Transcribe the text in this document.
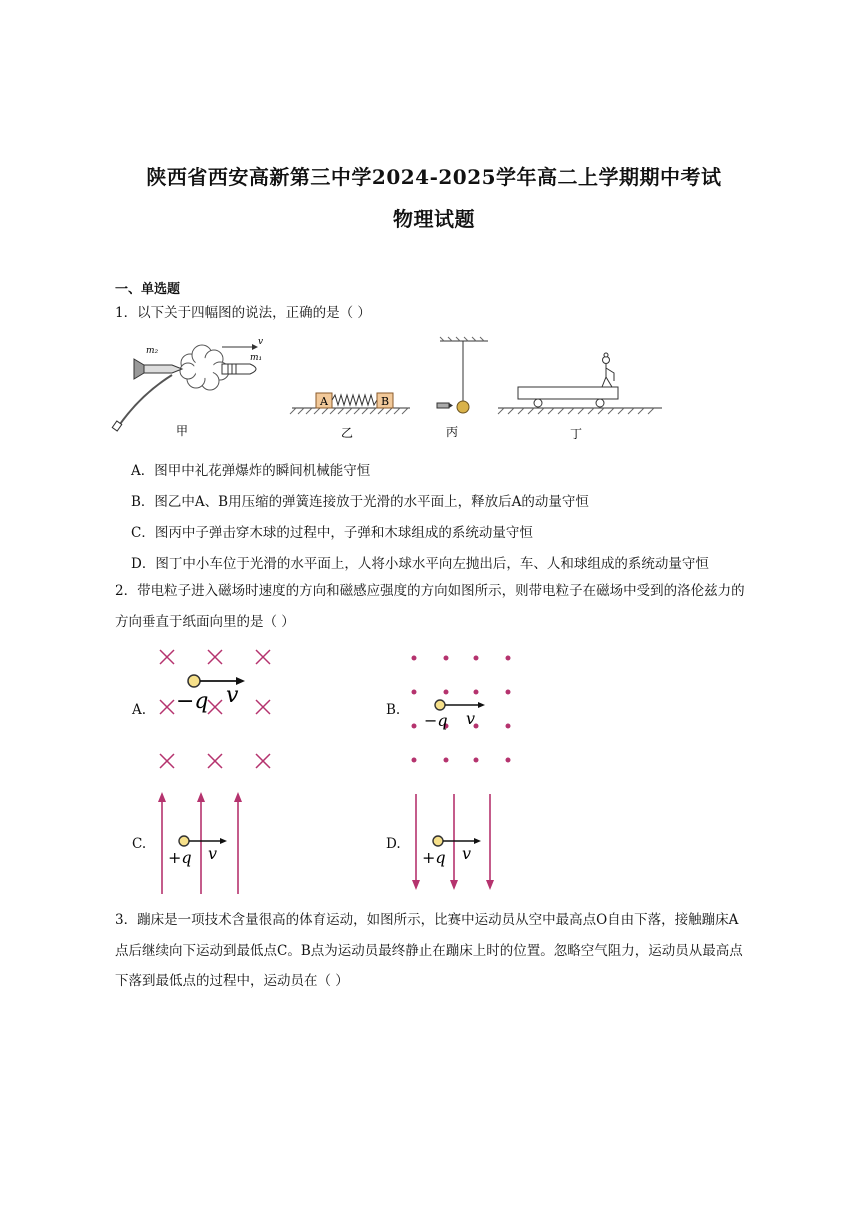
陕西省西安高新第三中学2024-2025学年高二上学期期中考试
物理试题
一、单选题
1．以下关于四幅图的说法，正确的是（ ）
v
m₂
m₁
甲
A	B
乙	丙	丁
A．图甲中礼花弹爆炸的瞬间机械能守恒
B．图乙中A、B用压缩的弹簧连接放于光滑的水平面上，释放后A的动量守恒
C．图丙中子弹击穿木球的过程中，子弹和木球组成的系统动量守恒
D．图丁中小车位于光滑的水平面上，人将小球水平向左抛出后，车、人和球组成的系统动量守恒
2．带电粒子进入磁场时速度的方向和磁感应强度的方向如图所示，则带电粒子在磁场中受到的洛伦兹力的
方向垂直于纸面向里的是（ ）
A. −q v
B.
−q v
C.
+q v	D.
+q v
3．蹦床是一项技术含量很高的体育运动，如图所示，比赛中运动员从空中最高点O自由下落，接触蹦床A
点后继续向下运动到最低点C。B点为运动员最终静止在蹦床上时的位置。忽略空气阻力，运动员从最高点
下落到最低点的过程中，运动员在（ ）
